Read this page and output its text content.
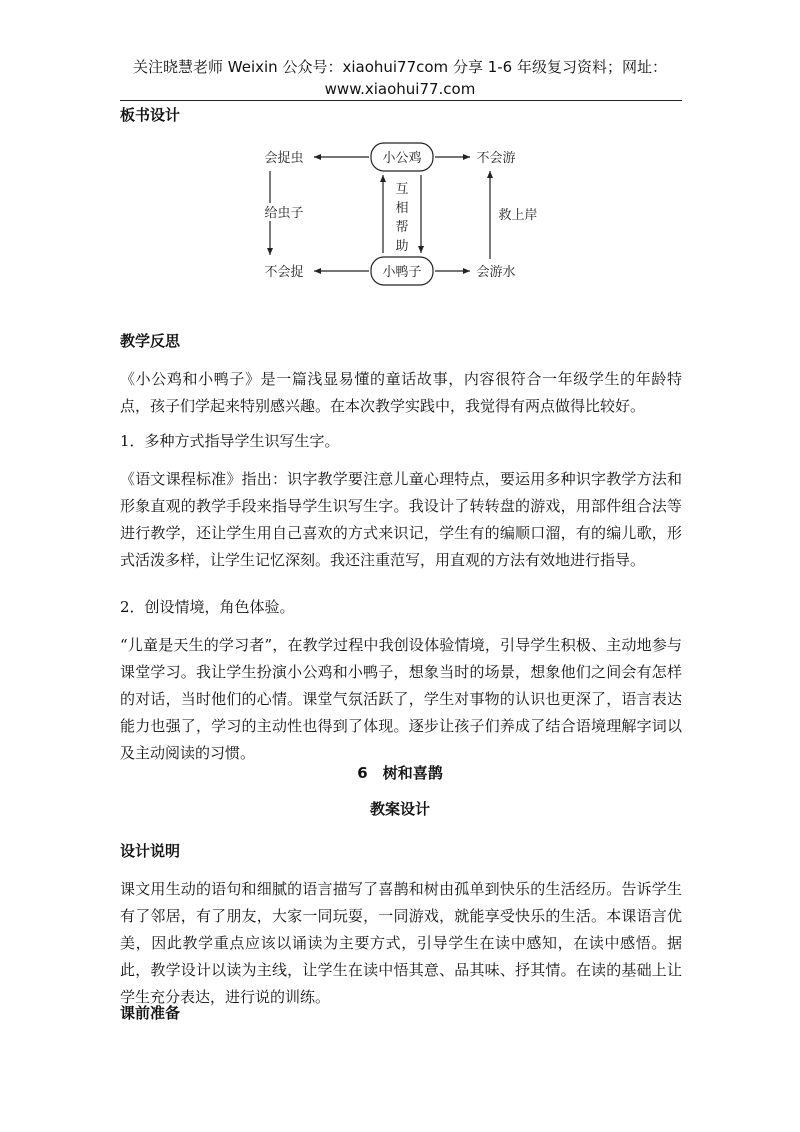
关注晓慧老师 Weixin 公众号：xiaohui77com 分享 1-6 年级复习资料；网址：
www.xiaohui77.com
板书设计
小公鸡
小鸭子
会捉虫	不会游
不会捉	会游水
给虫子	救上岸
互
相
帮
助
教学反思

《小公鸡和小鸭子》是一篇浅显易懂的童话故事，内容很符合一年级学生的年龄特点，孩子们学起来特别感兴趣。在本次教学实践中，我觉得有两点做得比较好。

1．多种方式指导学生识写生字。

《语文课程标准》指出：识字教学要注意儿童心理特点，要运用多种识字教学方法和形象直观的教学手段来指导学生识写生字。我设计了转转盘的游戏，用部件组合法等进行教学，还让学生用自己喜欢的方式来识记，学生有的编顺口溜，有的编儿歌，形式活泼多样，让学生记忆深刻。我还注重范写，用直观的方法有效地进行指导。

2．创设情境，角色体验。

“儿童是天生的学习者”，在教学过程中我创设体验情境，引导学生积极、主动地参与课堂学习。我让学生扮演小公鸡和小鸭子，想象当时的场景，想象他们之间会有怎样的对话，当时他们的心情。课堂气氛活跃了，学生对事物的认识也更深了，语言表达能力也强了，学习的主动性也得到了体现。逐步让孩子们养成了结合语境理解字词以及主动阅读的习惯。

6　树和喜鹊
教案设计
设计说明

课文用生动的语句和细腻的语言描写了喜鹊和树由孤单到快乐的生活经历。告诉学生有了邻居，有了朋友，大家一同玩耍，一同游戏，就能享受快乐的生活。本课语言优美，因此教学重点应该以诵读为主要方式，引导学生在读中感知，在读中感悟。据此，教学设计以读为主线，让学生在读中悟其意、品其味、抒其情。在读的基础上让学生充分表达，进行说的训练。

课前准备
